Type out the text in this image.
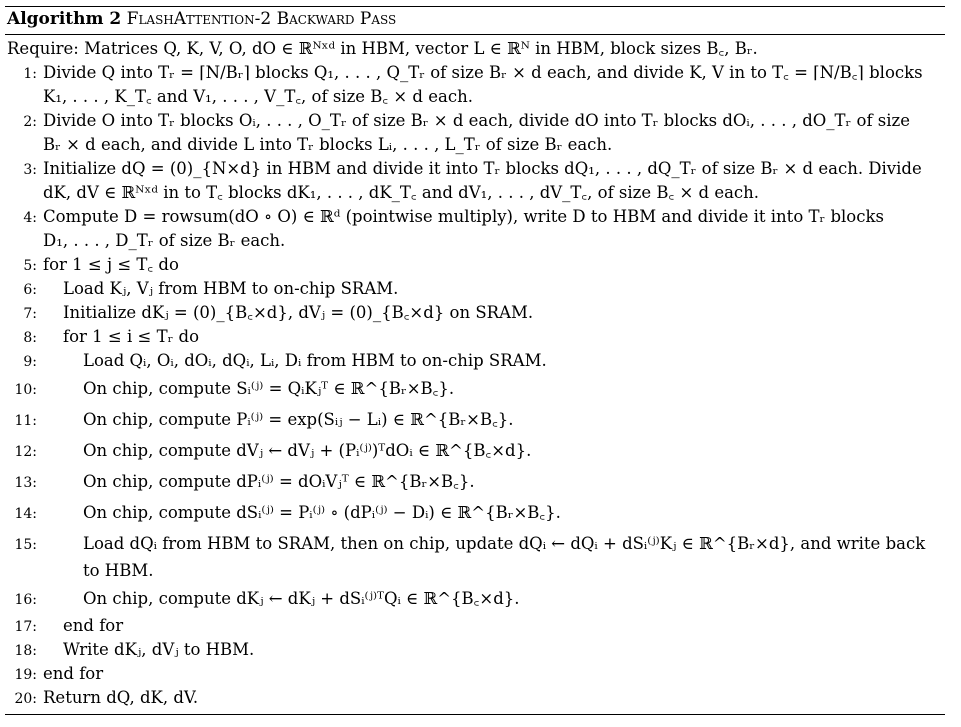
Algorithm 2 FlashAttention-2 Backward Pass
Require: Matrices Q, K, V, O, dO ∈ ℝᴺˣᵈ in HBM, vector L ∈ ℝᴺ in HBM, block sizes B꜀, Bᵣ.
1: Divide Q into Tᵣ = ⌈N/Bᵣ⌉ blocks Q₁, . . . , Q_Tᵣ of size Bᵣ × d each, and divide K, V in to T꜀ = ⌈N/B꜀⌉ blocks
K₁, . . . , K_T꜀ and V₁, . . . , V_T꜀, of size B꜀ × d each.
2: Divide O into Tᵣ blocks Oᵢ, . . . , O_Tᵣ of size Bᵣ × d each, divide dO into Tᵣ blocks dOᵢ, . . . , dO_Tᵣ of size
Bᵣ × d each, and divide L into Tᵣ blocks Lᵢ, . . . , L_Tᵣ of size Bᵣ each.
3: Initialize dQ = (0)_{N×d} in HBM and divide it into Tᵣ blocks dQ₁, . . . , dQ_Tᵣ of size Bᵣ × d each. Divide
dK, dV ∈ ℝᴺˣᵈ in to T꜀ blocks dK₁, . . . , dK_T꜀ and dV₁, . . . , dV_T꜀, of size B꜀ × d each.
4: Compute D = rowsum(dO ∘ O) ∈ ℝᵈ (pointwise multiply), write D to HBM and divide it into Tᵣ blocks
D₁, . . . , D_Tᵣ of size Bᵣ each.
5: for 1 ≤ j ≤ T꜀ do
6: Load Kⱼ, Vⱼ from HBM to on-chip SRAM.
7: Initialize dKⱼ = (0)_{B꜀×d}, dVⱼ = (0)_{B꜀×d} on SRAM.
8: for 1 ≤ i ≤ Tᵣ do
9:	Load Qᵢ, Oᵢ, dOᵢ, dQᵢ, Lᵢ, Dᵢ from HBM to on-chip SRAM.
10:	On chip, compute Sᵢ⁽ʲ⁾ = QᵢKⱼᵀ ∈ ℝ^{Bᵣ×B꜀}.
11:	On chip, compute Pᵢ⁽ʲ⁾ = exp(Sᵢⱼ − Lᵢ) ∈ ℝ^{Bᵣ×B꜀}.
12:	On chip, compute dVⱼ ← dVⱼ + (Pᵢ⁽ʲ⁾)ᵀdOᵢ ∈ ℝ^{B꜀×d}.
13:	On chip, compute dPᵢ⁽ʲ⁾ = dOᵢVⱼᵀ ∈ ℝ^{Bᵣ×B꜀}.
14:	On chip, compute dSᵢ⁽ʲ⁾ = Pᵢ⁽ʲ⁾ ∘ (dPᵢ⁽ʲ⁾ − Dᵢ) ∈ ℝ^{Bᵣ×B꜀}.
15:	Load dQᵢ from HBM to SRAM, then on chip, update dQᵢ ← dQᵢ + dSᵢ⁽ʲ⁾Kⱼ ∈ ℝ^{Bᵣ×d}, and write back
to HBM.
16:	On chip, compute dKⱼ ← dKⱼ + dSᵢ⁽ʲ⁾ᵀQᵢ ∈ ℝ^{B꜀×d}.
17: end for
18: Write dKⱼ, dVⱼ to HBM.
19: end for
20: Return dQ, dK, dV.
